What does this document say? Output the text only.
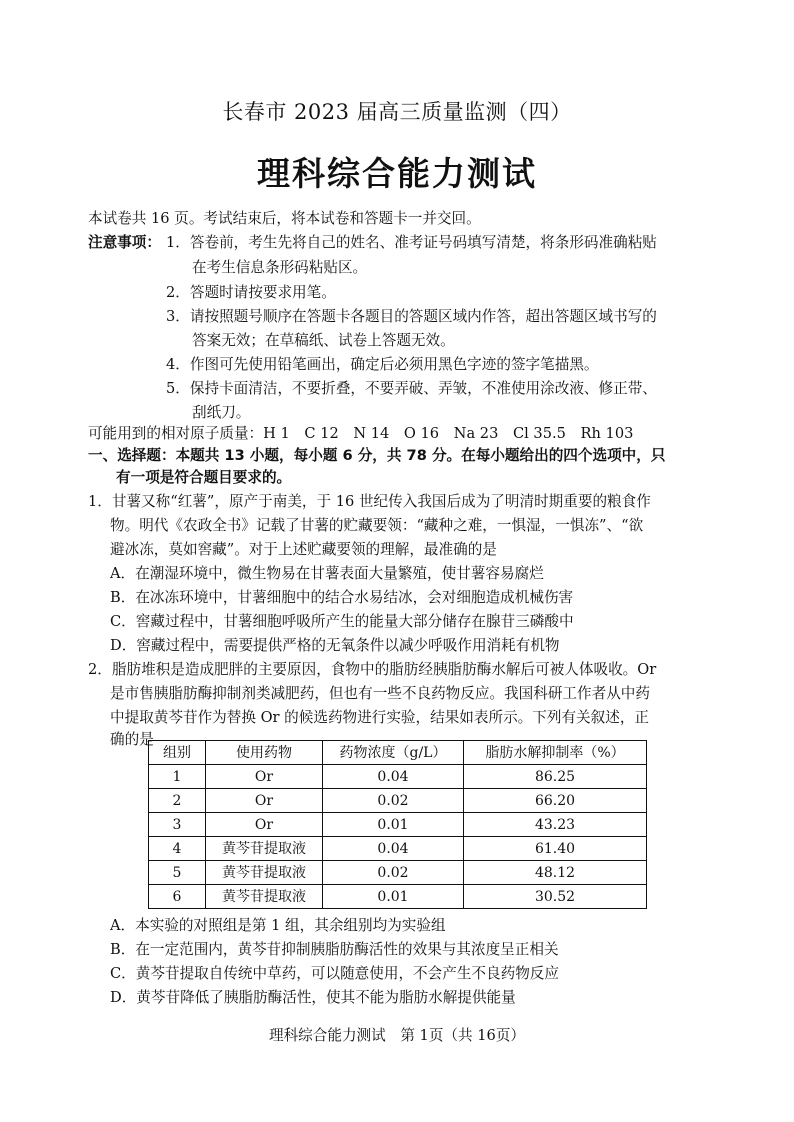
长春市 2023 届高三质量监测（四）
理科综合能力测试
本试卷共 16 页。考试结束后，将本试卷和答题卡一并交回。
注意事项： 1．答卷前，考生先将自己的姓名、准考证号码填写清楚，将条形码准确粘贴
在考生信息条形码粘贴区。
2．答题时请按要求用笔。
3．请按照题号顺序在答题卡各题目的答题区域内作答，超出答题区域书写的
答案无效；在草稿纸、试卷上答题无效。
4．作图可先使用铅笔画出，确定后必须用黑色字迹的签字笔描黑。
5．保持卡面清洁，不要折叠，不要弄破、弄皱，不准使用涂改液、修正带、
刮纸刀。
可能用到的相对原子质量：H 1　C 12　N 14　O 16　Na 23　Cl 35.5　Rh 103
一、选择题：本题共 13 小题，每小题 6 分，共 78 分。在每小题给出的四个选项中，只
有一项是符合题目要求的。
1．甘薯又称“红薯”，原产于南美，于 16 世纪传入我国后成为了明清时期重要的粮食作
物。明代《农政全书》记载了甘薯的贮藏要领：“藏种之难，一惧湿，一惧冻”、“欲
避冰冻，莫如窖藏”。对于上述贮藏要领的理解，最准确的是
A．在潮湿环境中，微生物易在甘薯表面大量繁殖，使甘薯容易腐烂
B．在冰冻环境中，甘薯细胞中的结合水易结冰，会对细胞造成机械伤害
C．窖藏过程中，甘薯细胞呼吸所产生的能量大部分储存在腺苷三磷酸中
D．窖藏过程中，需要提供严格的无氧条件以减少呼吸作用消耗有机物
2．脂肪堆积是造成肥胖的主要原因，食物中的脂肪经胰脂肪酶水解后可被人体吸收。Or
是市售胰脂肪酶抑制剂类减肥药，但也有一些不良药物反应。我国科研工作者从中药
中提取黄芩苷作为替换 Or 的候选药物进行实验，结果如表所示。下列有关叙述，正
确的是
组别	使用药物	药物浓度（g/L）	脂肪水解抑制率（%）
1	Or	0.04	86.25
2	Or	0.02	66.20
3	Or	0.01	43.23
4	黄芩苷提取液	0.04	61.40
5	黄芩苷提取液	0.02	48.12
6	黄芩苷提取液	0.01	30.52
A．本实验的对照组是第 1 组，其余组别均为实验组
B．在一定范围内，黄芩苷抑制胰脂肪酶活性的效果与其浓度呈正相关
C．黄芩苷提取自传统中草药，可以随意使用，不会产生不良药物反应
D．黄芩苷降低了胰脂肪酶活性，使其不能为脂肪水解提供能量
理科综合能力测试　第 1页（共 16页）
